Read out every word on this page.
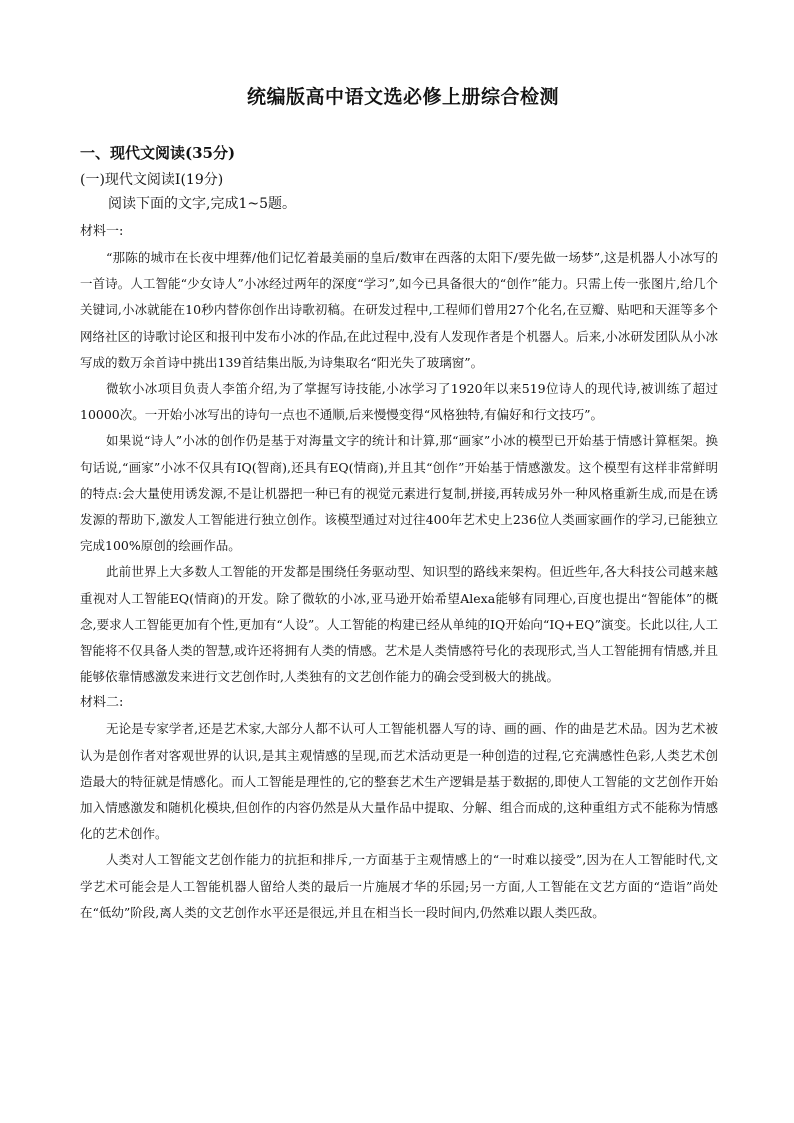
统编版高中语文选必修上册综合检测
一、现代文阅读(35分)
(一)现代文阅读Ⅰ(19分)
阅读下面的文字,完成1~5题。

材料一:

“那陈的城市在长夜中埋葬/他们记忆着最美丽的皇后/数审在西落的太阳下/要先做一场梦”,这是机器人小冰写的一首诗。人工智能“少女诗人”小冰经过两年的深度“学习”,如今已具备很大的“创作”能力。只需上传一张图片,给几个关键词,小冰就能在10秒内替你创作出诗歌初稿。在研发过程中,工程师们曾用27个化名,在豆瓣、贴吧和天涯等多个网络社区的诗歌讨论区和报刊中发布小冰的作品,在此过程中,没有人发现作者是个机器人。后来,小冰研发团队从小冰写成的数万余首诗中挑出139首结集出版,为诗集取名“阳光失了玻璃窗”。

微软小冰项目负责人李笛介绍,为了掌握写诗技能,小冰学习了1920年以来519位诗人的现代诗,被训练了超过10000次。一开始小冰写出的诗句一点也不通顺,后来慢慢变得“风格独特,有偏好和行文技巧”。

如果说“诗人”小冰的创作仍是基于对海量文字的统计和计算,那“画家”小冰的模型已开始基于情感计算框架。换句话说,“画家”小冰不仅具有IQ(智商),还具有EQ(情商),并且其“创作”开始基于情感激发。这个模型有这样非常鲜明的特点:会大量使用诱发源,不是让机器把一种已有的视觉元素进行复制,拼接,再转成另外一种风格重新生成,而是在诱发源的帮助下,激发人工智能进行独立创作。该模型通过对过往400年艺术史上236位人类画家画作的学习,已能独立完成100%原创的绘画作品。

此前世界上大多数人工智能的开发都是围绕任务驱动型、知识型的路线来架构。但近些年,各大科技公司越来越重视对人工智能EQ(情商)的开发。除了微软的小冰,亚马逊开始希望Alexa能够有同理心,百度也提出“智能体”的概念,要求人工智能更加有个性,更加有“人设”。人工智能的构建已经从单纯的IQ开始向“IQ+EQ”演变。长此以往,人工智能将不仅具备人类的智慧,或许还将拥有人类的情感。艺术是人类情感符号化的表现形式,当人工智能拥有情感,并且能够依靠情感激发来进行文艺创作时,人类独有的文艺创作能力的确会受到极大的挑战。

材料二:

无论是专家学者,还是艺术家,大部分人都不认可人工智能机器人写的诗、画的画、作的曲是艺术品。因为艺术被认为是创作者对客观世界的认识,是其主观情感的呈现,而艺术活动更是一种创造的过程,它充满感性色彩,人类艺术创造最大的特征就是情感化。而人工智能是理性的,它的整套艺术生产逻辑是基于数据的,即使人工智能的文艺创作开始加入情感激发和随机化模块,但创作的内容仍然是从大量作品中提取、分解、组合而成的,这种重组方式不能称为情感化的艺术创作。

人类对人工智能文艺创作能力的抗拒和排斥,一方面基于主观情感上的“一时难以接受”,因为在人工智能时代,文学艺术可能会是人工智能机器人留给人类的最后一片施展才华的乐园;另一方面,人工智能在文艺方面的“造诣”尚处在“低幼”阶段,离人类的文艺创作水平还是很远,并且在相当长一段时间内,仍然难以跟人类匹敌。
